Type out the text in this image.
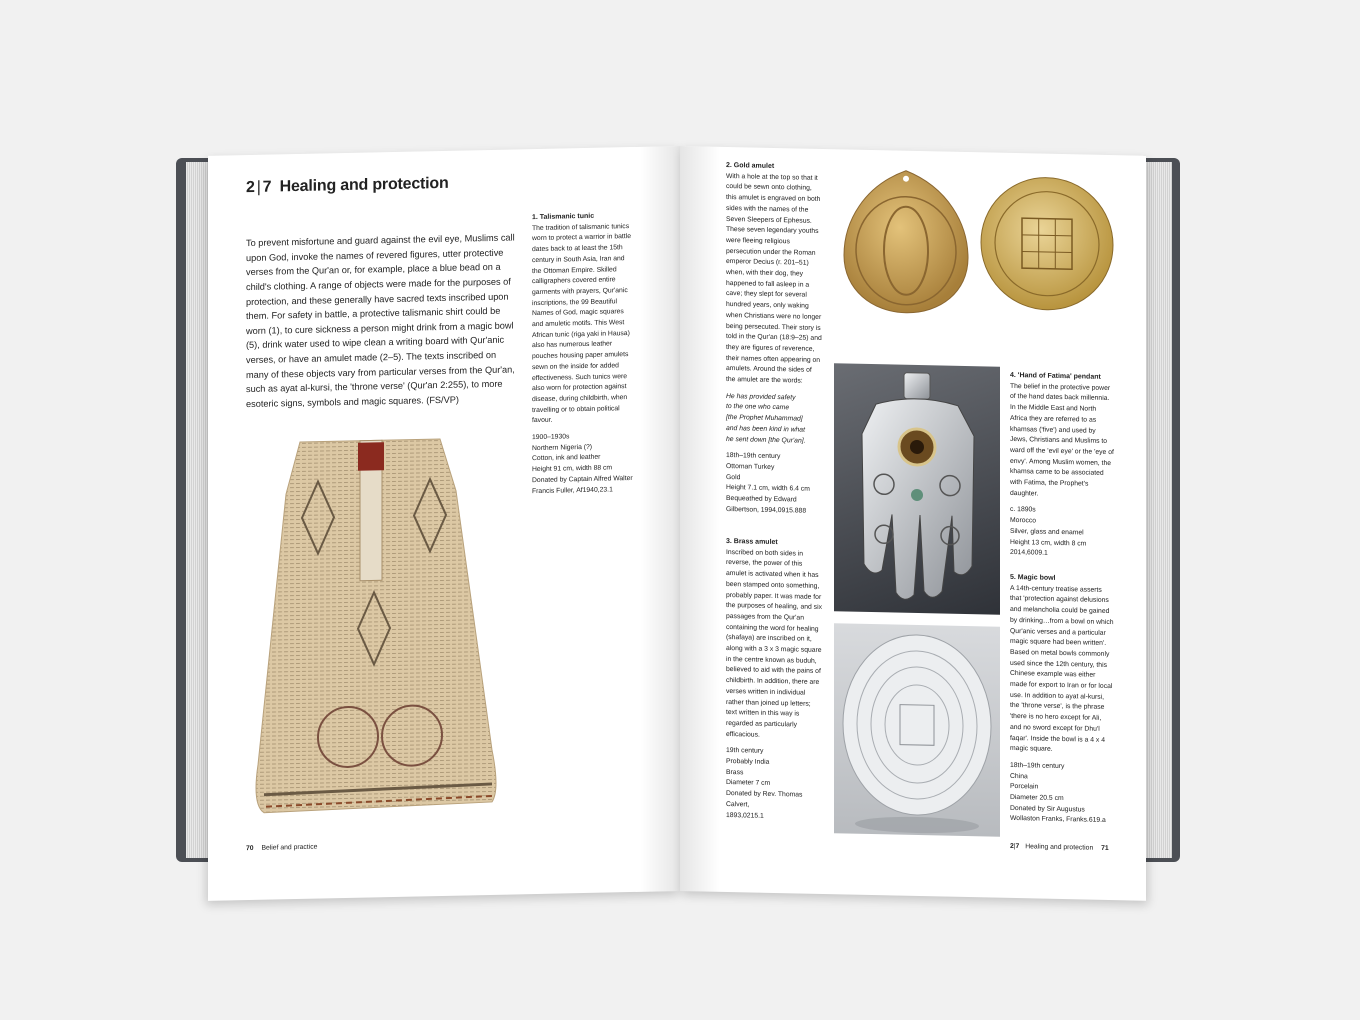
2 | 7 Healing and protection

To prevent misfortune and guard against the evil eye, Muslims call upon God, invoke the names of revered figures, utter protective verses from the Qur'an or, for example, place a blue bead on a child's clothing. A range of objects were made for the purposes of protection, and these generally have sacred texts inscribed upon them. For safety in battle, a protective talismanic shirt could be worn (1), to cure sickness a person might drink from a magic bowl (5), drink water used to wipe clean a writing board with Qur'anic verses, or have an amulet made (2–5). The texts inscribed on many of these objects vary from particular verses from the Qur'an, such as ayat al-kursi, the 'throne verse' (Qur'an 2:255), to more esoteric signs, symbols and magic squares. (FS/VP)

1. Talismanic tunic

The tradition of talismanic tunics worn to protect a warrior in battle dates back to at least the 15th century in South Asia, Iran and the Ottoman Empire. Skilled calligraphers covered entire garments with prayers, Qur'anic inscriptions, the 99 Beautiful Names of God, magic squares and amuletic motifs. This West African tunic (riga yaki in Hausa) also has numerous leather pouches housing paper amulets sewn on the inside for added effectiveness. Such tunics were also worn for protection against disease, during childbirth, when travelling or to obtain political favour.

1900–1930s
Northern Nigeria (?)
Cotton, ink and leather
Height 91 cm, width 88 cm
Donated by Captain Alfred Walter
Francis Fuller, Af1940,23.1
70 Belief and practice
2. Gold amulet

With a hole at the top so that it could be sewn onto clothing, this amulet is engraved on both sides with the names of the Seven Sleepers of Ephesus. These seven legendary youths were fleeing religious persecution under the Roman emperor Decius (r. 201–51) when, with their dog, they happened to fall asleep in a cave; they slept for several hundred years, only waking when Christians were no longer being persecuted. Their story is told in the Qur'an (18:9–25) and they are figures of reverence, their names often appearing on amulets. Around the sides of the amulet are the words:

He has provided safety
to the one who came
[the Prophet Muhammad]
and has been kind in what
he sent down [the Qur'an].
18th–19th century
Ottoman Turkey
Gold
Height 7.1 cm, width 6.4 cm
Bequeathed by Edward
Gilbertson, 1994,0915.888
3. Brass amulet

Inscribed on both sides in reverse, the power of this amulet is activated when it has been stamped onto something, probably paper. It was made for the purposes of healing, and six passages from the Qur'an containing the word for healing (shafaya) are inscribed on it, along with a 3 x 3 magic square in the centre known as buduh, believed to aid with the pains of childbirth. In addition, there are verses written in individual rather than joined up letters; text written in this way is regarded as particularly efficacious.

19th century
Probably India
Brass
Diameter 7 cm
Donated by Rev. Thomas Calvert,
1893,0215.1
4. 'Hand of Fatima' pendant

The belief in the protective power of the hand dates back millennia. In the Middle East and North Africa they are referred to as khamsas ('five') and used by Jews, Christians and Muslims to ward off the 'evil eye' or the 'eye of envy'. Among Muslim women, the khamsa came to be associated with Fatima, the Prophet's daughter.

c. 1890s
Morocco
Silver, glass and enamel
Height 13 cm, width 8 cm
2014,6009.1
5. Magic bowl

A 14th-century treatise asserts that 'protection against delusions and melancholia could be gained by drinking…from a bowl on which Qur'anic verses and a particular magic square had been written'. Based on metal bowls commonly used since the 12th century, this Chinese example was either made for export to Iran or for local use. In addition to ayat al-kursi, the 'throne verse', is the phrase 'there is no hero except for Ali, and no sword except for Dhu'l faqar'. Inside the bowl is a 4 x 4 magic square.

18th–19th century
China
Porcelain
Diameter 20.5 cm
Donated by Sir Augustus
Wollaston Franks, Franks.619.a
2|7 Healing and protection 71
